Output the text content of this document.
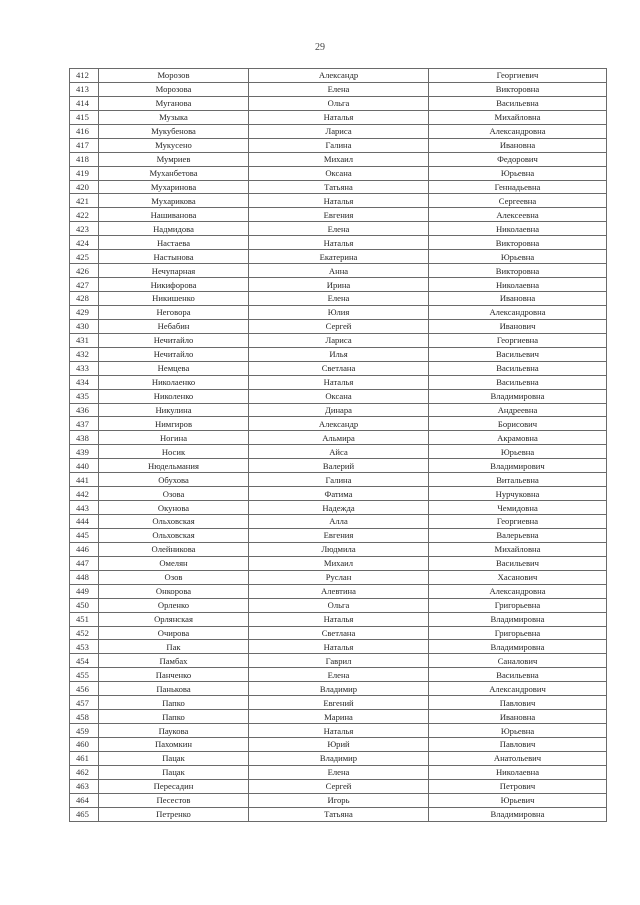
29
412	Морозов	Александр	Георгиевич
413	Морозова	Елена	Викторовна
414	Муганова	Ольга	Васильевна
415	Музыка	Наталья	Михайловна
416	Мукубенова	Лариса	Александровна
417	Мукусено	Галина	Ивановна
418	Мумриев	Михаил	Федорович
419	Муханбетова	Оксана	Юрьевна
420	Мухаринова	Татьяна	Геннадьевна
421	Мухарикова	Наталья	Сергеевна
422	Нашиванова	Евгения	Алексеевна
423	Надмидова	Елена	Николаевна
424	Настаева	Наталья	Викторовна
425	Настынова	Екатерина	Юрьевна
426	Нечупарная	Анна	Викторовна
427	Никифорова	Ирина	Николаевна
428	Никишенко	Елена	Ивановна
429	Неговора	Юлия	Александровна
430	Небабин	Сергей	Иванович
431	Нечитайло	Лариса	Георгиевна
432	Нечитайло	Илья	Васильевич
433	Немцева	Светлана	Васильевна
434	Николаенко	Наталья	Васильевна
435	Николенко	Оксана	Владимировна
436	Никулина	Динара	Андреевна
437	Нимгиров	Александр	Борисович
438	Ногина	Альмира	Акрамовна
439	Носик	Айса	Юрьевна
440	Нюдельмания	Валерий	Владимирович
441	Обухова	Галина	Витальевна
442	Озова	Фатима	Нурчуковна
443	Окунова	Надежда	Чемидовна
444	Ольховская	Алла	Георгиевна
445	Ольховская	Евгения	Валерьевна
446	Олейникова	Людмила	Михайловна
447	Омелян	Михаил	Васильевич
448	Озов	Руслан	Хасанович
449	Онкорова	Алевтина	Александровна
450	Орленко	Ольга	Григорьевна
451	Орлянская	Наталья	Владимировна
452	Очирова	Светлана	Григорьевна
453	Пак	Наталья	Владимировна
454	Памбах	Гаврил	Саналович
455	Панченко	Елена	Васильевна
456	Панькова	Владимир	Александрович
457	Папко	Евгений	Павлович
458	Папко	Марина	Ивановна
459	Паукова	Наталья	Юрьевна
460	Пахомкин	Юрий	Павлович
461	Пацак	Владимир	Анатольевич
462	Пацак	Елена	Николаевна
463	Пересадин	Сергей	Петрович
464	Песестов	Игорь	Юрьевич
465	Петренко	Татьяна	Владимировна
